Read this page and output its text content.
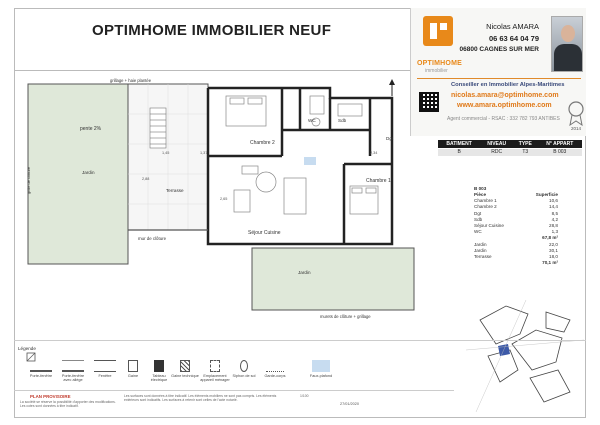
OPTIMHOME IMMOBILIER NEUF
OPTIMHOME
immobilier
Nicolas AMARA
06 63 64 04 79
06800 CAGNES SUR MER
Conseiller en Immobilier Alpes-Maritimes
nicolas.amara@optimhome.com
www.amara.optimhome.com
Agent commercial - RSAC : 332 782 793 ANTIBES
2014
BATIMENT	NIVEAU	TYPE	N° APPART
B	RDC	T3	B 003
B 003
Pièce	Superficie
Chambre 1	10,6
Chambre 2	14,4
Dgt	8,5
Sdb	4,2
Séjour Cuisine	28,8
WC	1,3
67,8 m²
Jardin	22,0
Jardin	30,1
Terrasse	18,0
70,1 m²
grillage + haie plantée
pente 2%
Jardin
Terrasse
Chambre 2
WC	Sdb
Dgt
Chambre 1
Séjour Cuisine
mur de clôture
Jardin
murets de clôture + grillage
grille de clôture
1,45	1,37	2,34
2,65
2,88
Légende
Porte-fenêtre	Porte-fenêtre avec allège
Fenêtre	Gaine	Tableau électrique
Gaine technique	Emplacement appareil ménager
Siphon de sol	Garde-corps	Faux-plafond
PLAN PROVISOIRE
La société se réserve la possibilité d'apporter des modifications. Les cotes sont données à titre indicatif.
Les surfaces sont données à titre indicatif. Les éléments mobiliers ne sont pas compris. Les éléments extérieurs sont indicatifs. Les surfaces à retenir sont celles de l'acte notarié.
1/100
27/01/2020
